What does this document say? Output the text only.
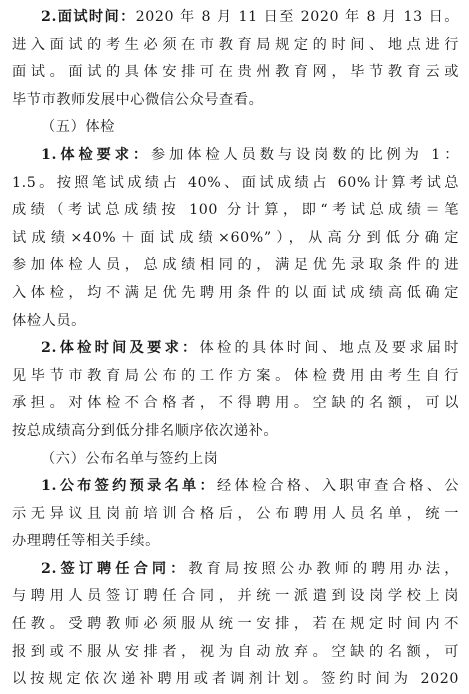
2.面试时间：2020 年 8 月 11 日至 2020 年 8 月 13 日。
进入面试的考生必须在市教育局规定的时间、地点进行
面试。面试的具体安排可在贵州教育网，毕节教育云或
毕节市教师发展中心微信公众号查看。
（五）体检
1.体检要求：参加体检人员数与设岗数的比例为 1：
1.5。按照笔试成绩占 40%、面试成绩占 60%计算考试总
成绩（考试总成绩按 100 分计算，即“考试总成绩＝笔
试成绩×40%＋面试成绩×60%”），从高分到低分确定
参加体检人员，总成绩相同的，满足优先录取条件的进
入体检，均不满足优先聘用条件的以面试成绩高低确定
体检人员。
2.体检时间及要求：体检的具体时间、地点及要求届时
见毕节市教育局公布的工作方案。体检费用由考生自行
承担。对体检不合格者，不得聘用。空缺的名额，可以
按总成绩高分到低分排名顺序依次递补。
（六）公布名单与签约上岗
1.公布签约预录名单：经体检合格、入职审查合格、公
示无异议且岗前培训合格后，公布聘用人员名单，统一
办理聘任等相关手续。
2.签订聘任合同：教育局按照公办教师的聘用办法，
与聘用人员签订聘任合同，并统一派遣到设岗学校上岗
任教。受聘教师必须服从统一安排，若在规定时间内不
报到或不服从安排者，视为自动放弃。空缺的名额，可
以按规定依次递补聘用或者调剂计划。签约时间为 2020
